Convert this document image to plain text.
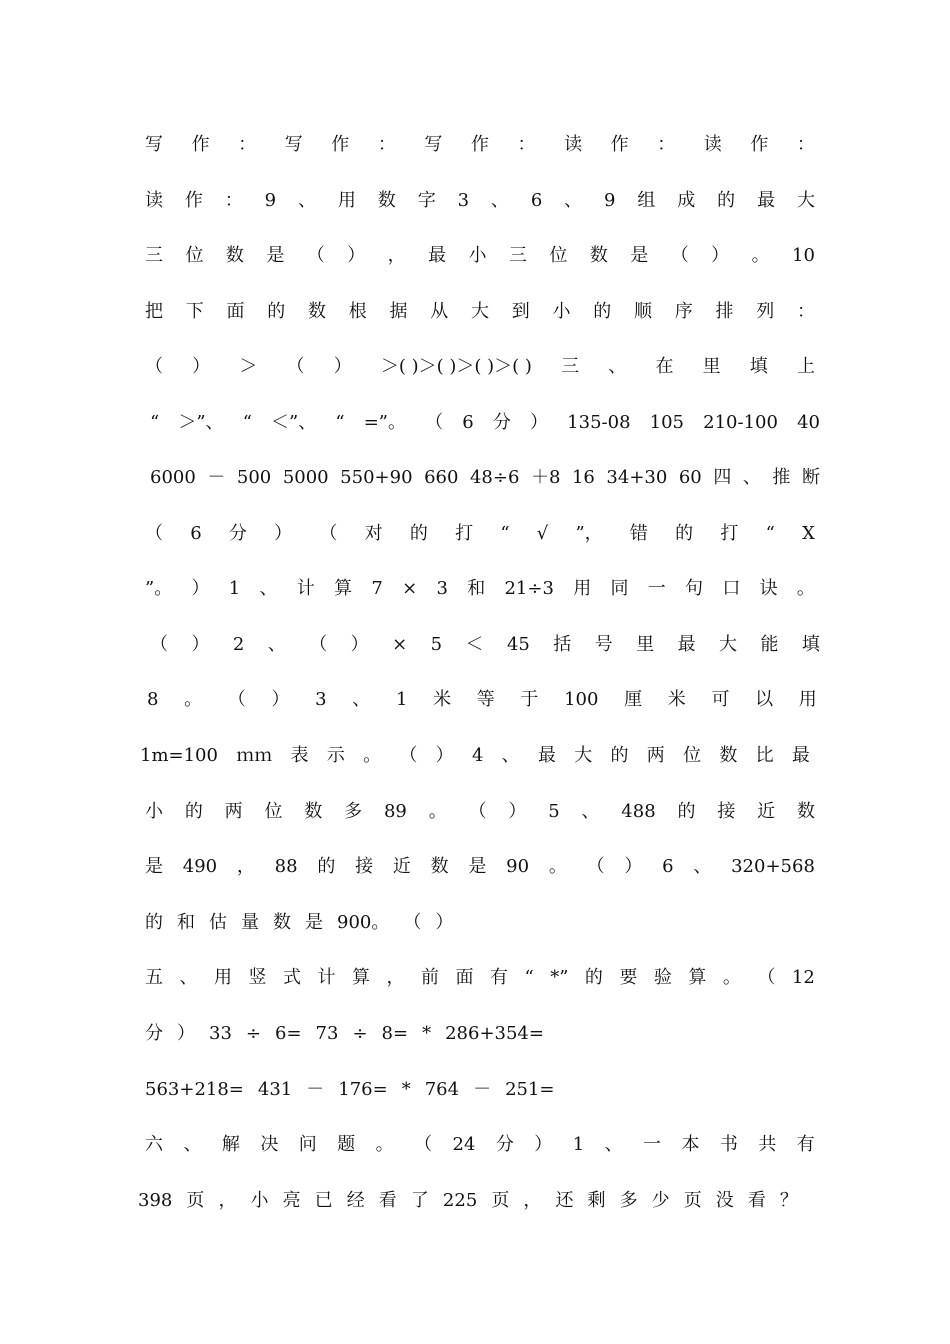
写 作 ： 写 作 ： 写 作 ： 读 作 ： 读 作 ：
读 作 ： 9 、 用 数 字 3 、 6 、 9 组 成 的 最 大
三 位 数 是 （ ） ， 最 小 三 位 数 是 （ ） 。 10
把 下 面 的 数 根 据 从 大 到 小 的 顺 序 排 列 ：
（ ） ＞ （ ） ＞( )＞( )＞( )＞( ) 三 、 在 里 填 上
“ ＞”、 “ ＜”、 “ =”。 （ 6 分 ） 135-08 105 210-100 40
6000 － 500 5000 550+90 660 48÷6 ＋8 16 34+30 60 四 、 推 断
（ 6 分 ） （ 对 的 打 “ √ ”， 错 的 打 “ X
”。 ） 1 、 计 算 7 × 3 和 21÷3 用 同 一 句 口 诀 。
（ ） 2 、 （ ） × 5 ＜ 45 括 号 里 最 大 能 填
8 。 （ ） 3 、 1 米 等 于 100 厘 米 可 以 用
1m=100 ｍｍ 表 示 。 （ ） 4 、 最 大 的 两 位 数 比 最
小 的 两 位 数 多 89 。 （ ） 5 、 488 的 接 近 数
是 490 ， 88 的 接 近 数 是 90 。 （ ） 6 、 320+568
的 和 估 量 数 是 900。 （ ）
五 、 用 竖 式 计 算 ， 前 面 有 “ *” 的 要 验 算 。 （ 12
分 ） 33 ÷ 6= 73 ÷ 8= * 286+354=
563+218= 431 － 176= * 764 － 251=
六 、 解 决 问 题 。 （ 24 分 ） 1 、 一 本 书 共 有
398 页 ， 小 亮 已 经 看 了 225 页 ， 还 剩 多 少 页 没 看 ？
